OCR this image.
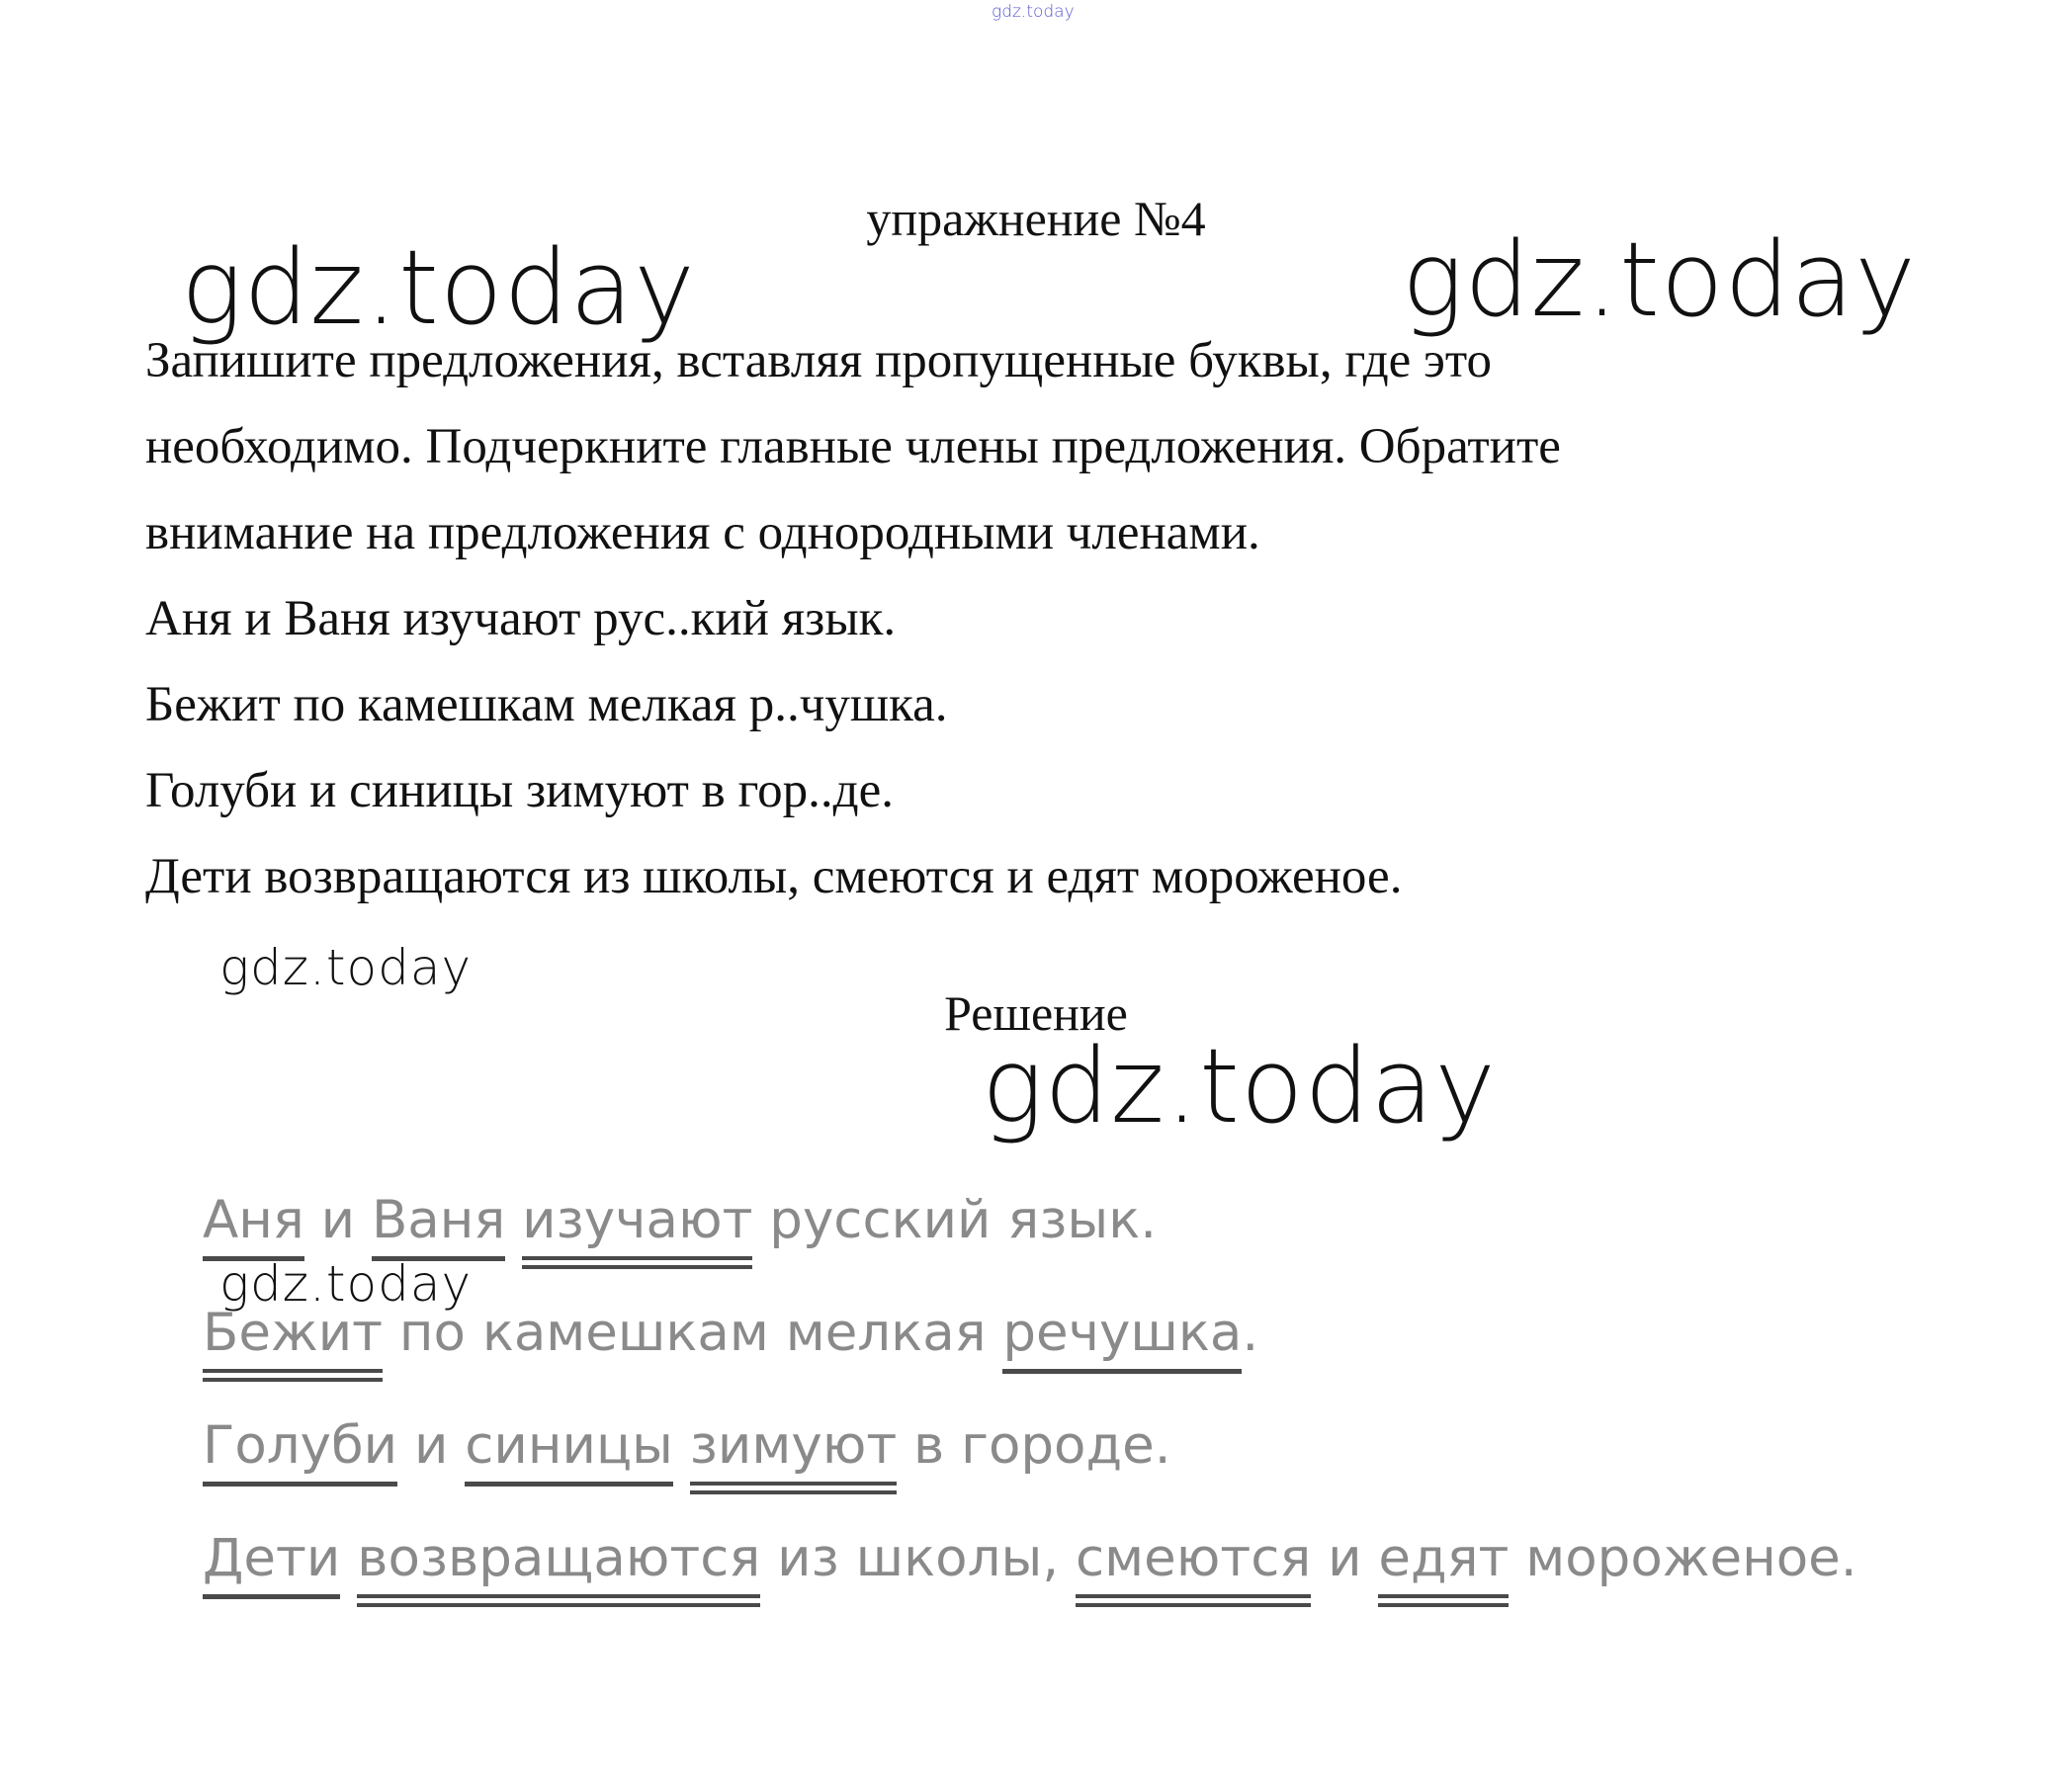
gdz.today
gdz.today	gdz.today
упражнение №4
Запишите предложения, вставляя пропущенные буквы, где это
необходимо. Подчеркните главные члены предложения. Обратите
внимание на предложения с однородными членами.
Аня и Ваня изучают рус..кий язык.
Бежит по камешкам мелкая р..чушка.
Голуби и синицы зимуют в гор..де.
Дети возвращаются из школы, смеются и едят мороженое.
gdz.today
Решение
gdz.today
Аня и Ваня изучают русский язык.
Бежит по камешкам мелкая речушка.
Голуби и синицы зимуют в городе.
Дети возвращаются из школы, смеются и едят мороженое.
gdz.today
